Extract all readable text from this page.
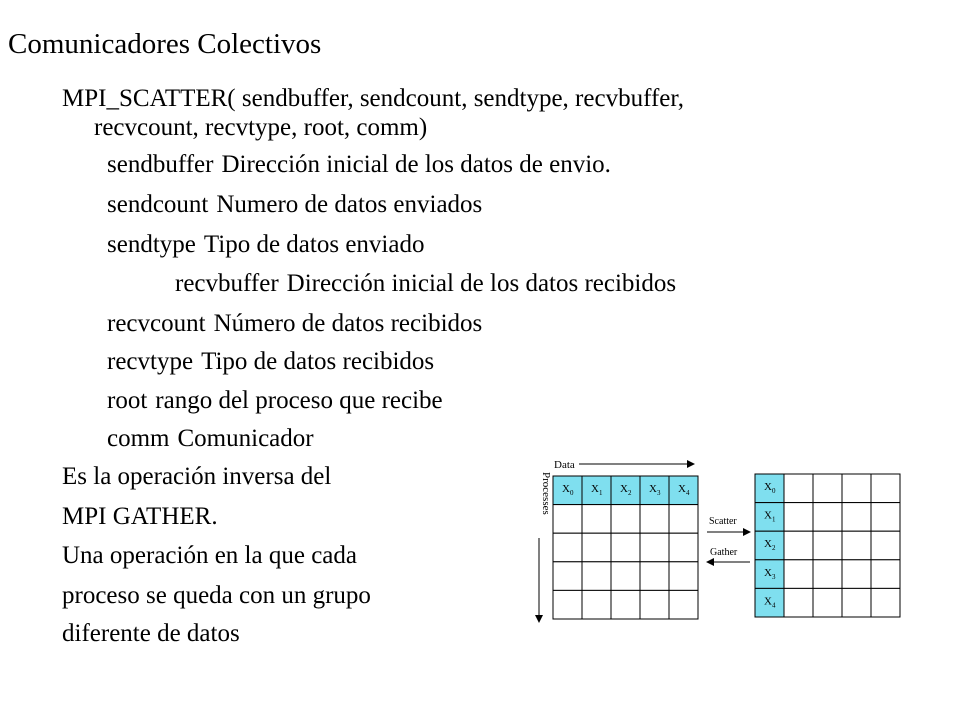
Comunicadores Colectivos
MPI_SCATTER( sendbuffer, sendcount, sendtype, recvbuffer,
recvcount, recvtype, root, comm)
sendbuffer Dirección inicial de los datos de envio.
sendcount Numero de datos enviados
sendtype Tipo de datos enviado
recvbuffer Dirección inicial de los datos recibidos
recvcount Número de datos recibidos
recvtype Tipo de datos recibidos
root rango del proceso que recibe
comm Comunicador
Es la operación inversa del
MPI GATHER.
Una operación en la que cada
proceso se queda con un grupo
diferente de datos
Data
Processes $X_0$ $X_1$ $X_2$ $X_3$ $X_4$	$X_0$
$X_1$
$X_2$
$X_3$
$X_4$
Scatter
Gather
